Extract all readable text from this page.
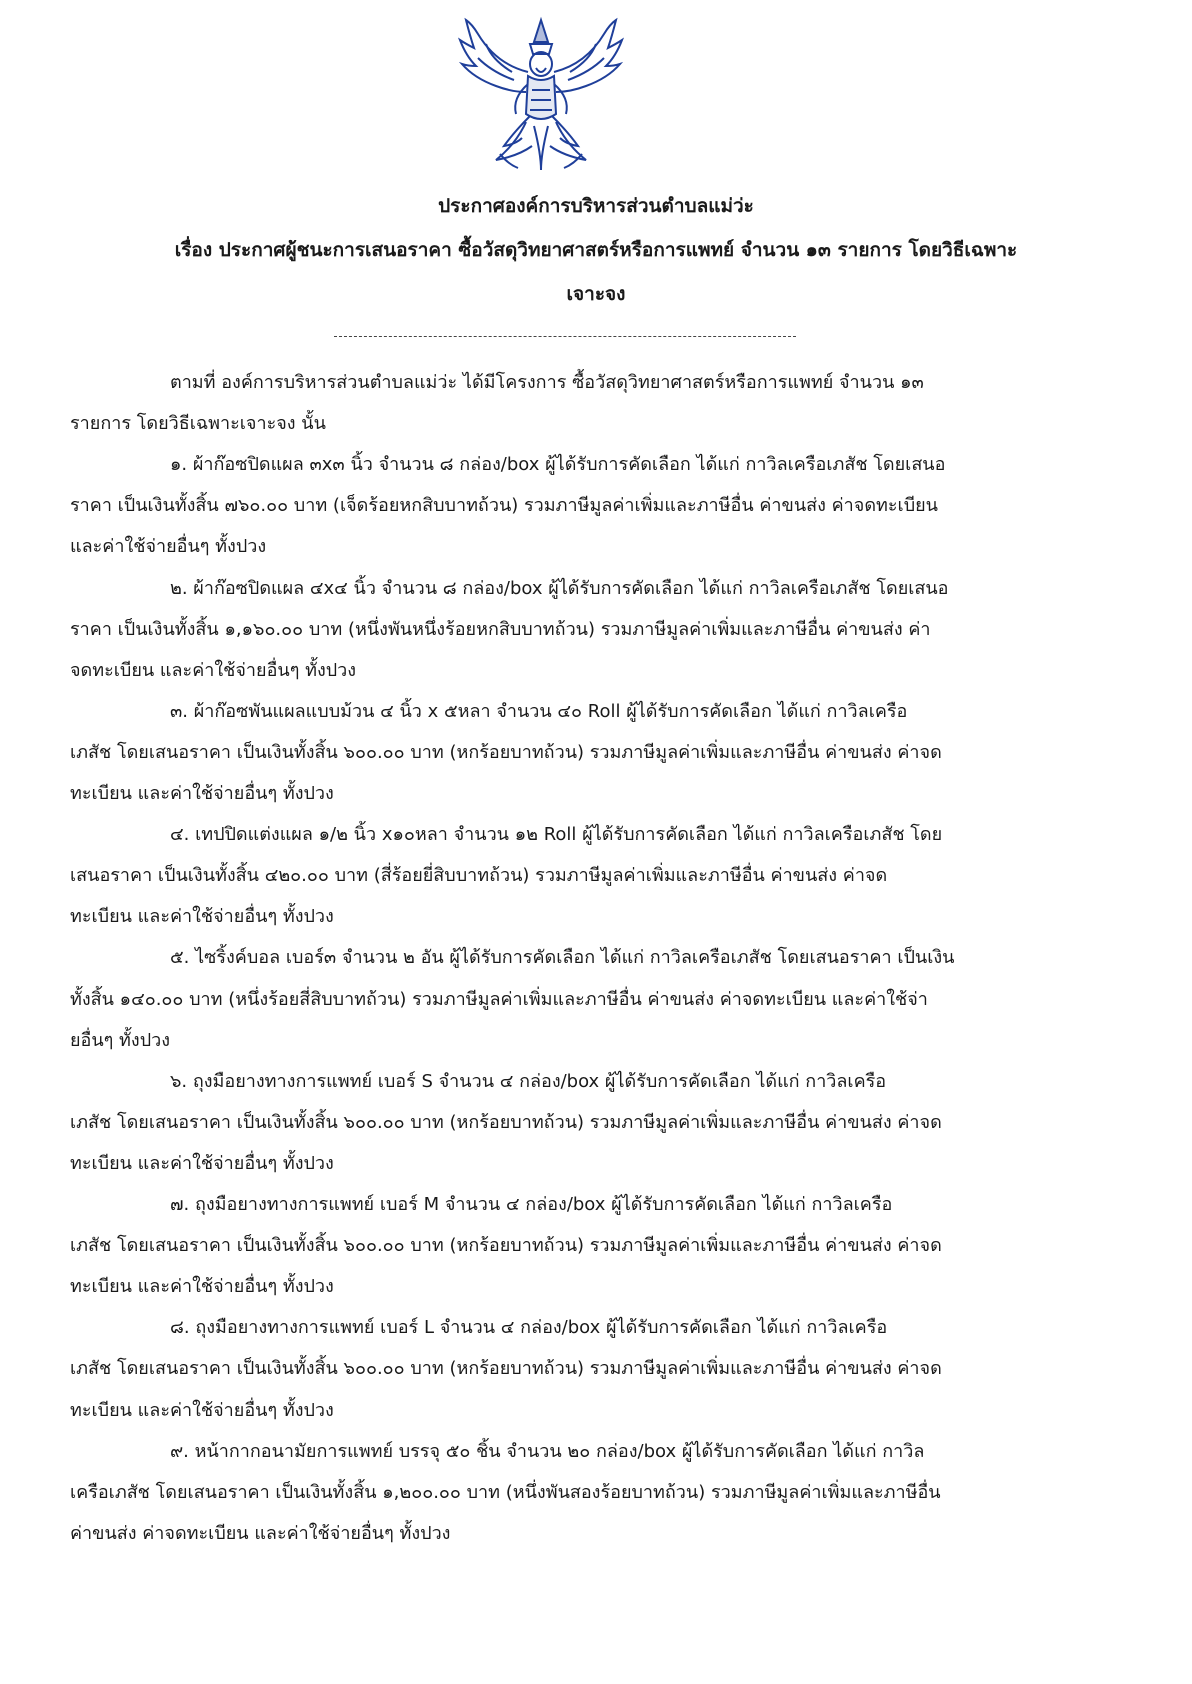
ประกาศองค์การบริหารส่วนตำบลแม่ว่ะ
เรื่อง ประกาศผู้ชนะการเสนอราคา ซื้อวัสดุวิทยาศาสตร์หรือการแพทย์ จำนวน ๑๓ รายการ โดยวิธีเฉพาะ
เจาะจง
ตามที่ องค์การบริหารส่วนตำบลแม่ว่ะ ได้มีโครงการ ซื้อวัสดุวิทยาศาสตร์หรือการแพทย์ จำนวน ๑๓
รายการ โดยวิธีเฉพาะเจาะจง นั้น
๑. ผ้าก๊อซปิดแผล ๓x๓ นิ้ว จำนวน ๘ กล่อง/box ผู้ได้รับการคัดเลือก ได้แก่ กาวิลเครือเภสัช โดยเสนอ
ราคา เป็นเงินทั้งสิ้น ๗๖๐.๐๐ บาท (เจ็ดร้อยหกสิบบาทถ้วน) รวมภาษีมูลค่าเพิ่มและภาษีอื่น ค่าขนส่ง ค่าจดทะเบียน
และค่าใช้จ่ายอื่นๆ ทั้งปวง
๒. ผ้าก๊อซปิดแผล ๔x๔ นิ้ว จำนวน ๘ กล่อง/box ผู้ได้รับการคัดเลือก ได้แก่ กาวิลเครือเภสัช โดยเสนอ
ราคา เป็นเงินทั้งสิ้น ๑,๑๖๐.๐๐ บาท (หนึ่งพันหนึ่งร้อยหกสิบบาทถ้วน) รวมภาษีมูลค่าเพิ่มและภาษีอื่น ค่าขนส่ง ค่า
จดทะเบียน และค่าใช้จ่ายอื่นๆ ทั้งปวง
๓. ผ้าก๊อซพันแผลแบบม้วน ๔ นิ้ว x ๕หลา จำนวน ๔๐ Roll ผู้ได้รับการคัดเลือก ได้แก่ กาวิลเครือ
เภสัช โดยเสนอราคา เป็นเงินทั้งสิ้น ๖๐๐.๐๐ บาท (หกร้อยบาทถ้วน) รวมภาษีมูลค่าเพิ่มและภาษีอื่น ค่าขนส่ง ค่าจด
ทะเบียน และค่าใช้จ่ายอื่นๆ ทั้งปวง
๔. เทปปิดแต่งแผล ๑/๒ นิ้ว x๑๐หลา จำนวน ๑๒ Roll ผู้ได้รับการคัดเลือก ได้แก่ กาวิลเครือเภสัช โดย
เสนอราคา เป็นเงินทั้งสิ้น ๔๒๐.๐๐ บาท (สี่ร้อยยี่สิบบาทถ้วน) รวมภาษีมูลค่าเพิ่มและภาษีอื่น ค่าขนส่ง ค่าจด
ทะเบียน และค่าใช้จ่ายอื่นๆ ทั้งปวง
๕. ไซริ้งค์บอล เบอร์๓ จำนวน ๒ อัน ผู้ได้รับการคัดเลือก ได้แก่ กาวิลเครือเภสัช โดยเสนอราคา เป็นเงิน
ทั้งสิ้น ๑๔๐.๐๐ บาท (หนึ่งร้อยสี่สิบบาทถ้วน) รวมภาษีมูลค่าเพิ่มและภาษีอื่น ค่าขนส่ง ค่าจดทะเบียน และค่าใช้จ่า
ยอื่นๆ ทั้งปวง
๖. ถุงมือยางทางการแพทย์ เบอร์ S จำนวน ๔ กล่อง/box ผู้ได้รับการคัดเลือก ได้แก่ กาวิลเครือ
เภสัช โดยเสนอราคา เป็นเงินทั้งสิ้น ๖๐๐.๐๐ บาท (หกร้อยบาทถ้วน) รวมภาษีมูลค่าเพิ่มและภาษีอื่น ค่าขนส่ง ค่าจด
ทะเบียน และค่าใช้จ่ายอื่นๆ ทั้งปวง
๗. ถุงมือยางทางการแพทย์ เบอร์ M จำนวน ๔ กล่อง/box ผู้ได้รับการคัดเลือก ได้แก่ กาวิลเครือ
เภสัช โดยเสนอราคา เป็นเงินทั้งสิ้น ๖๐๐.๐๐ บาท (หกร้อยบาทถ้วน) รวมภาษีมูลค่าเพิ่มและภาษีอื่น ค่าขนส่ง ค่าจด
ทะเบียน และค่าใช้จ่ายอื่นๆ ทั้งปวง
๘. ถุงมือยางทางการแพทย์ เบอร์ L จำนวน ๔ กล่อง/box ผู้ได้รับการคัดเลือก ได้แก่ กาวิลเครือ
เภสัช โดยเสนอราคา เป็นเงินทั้งสิ้น ๖๐๐.๐๐ บาท (หกร้อยบาทถ้วน) รวมภาษีมูลค่าเพิ่มและภาษีอื่น ค่าขนส่ง ค่าจด
ทะเบียน และค่าใช้จ่ายอื่นๆ ทั้งปวง
๙. หน้ากากอนามัยการแพทย์ บรรจุ ๕๐ ชิ้น จำนวน ๒๐ กล่อง/box ผู้ได้รับการคัดเลือก ได้แก่ กาวิล
เครือเภสัช โดยเสนอราคา เป็นเงินทั้งสิ้น ๑,๒๐๐.๐๐ บาท (หนึ่งพันสองร้อยบาทถ้วน) รวมภาษีมูลค่าเพิ่มและภาษีอื่น
ค่าขนส่ง ค่าจดทะเบียน และค่าใช้จ่ายอื่นๆ ทั้งปวง
